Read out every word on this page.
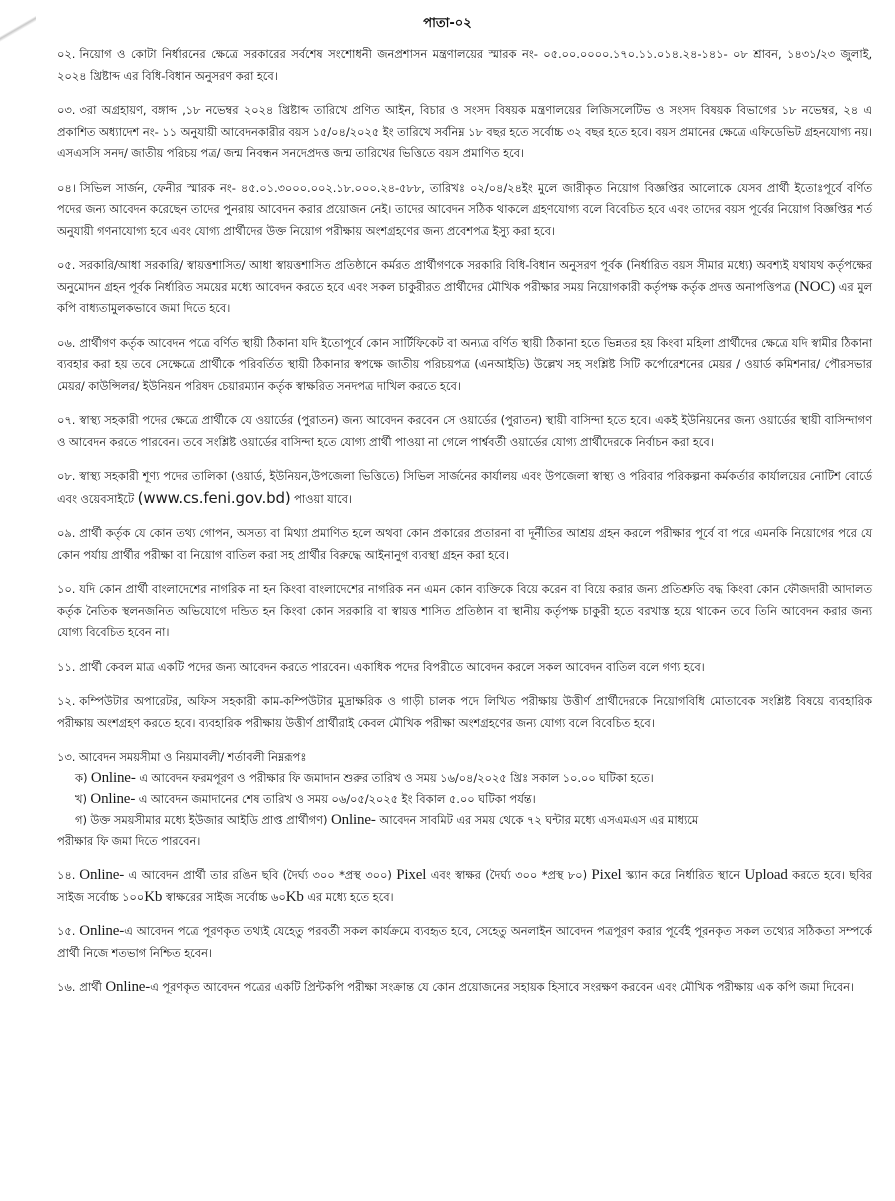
পাতা-০২

০২. নিয়োগ ও কোটা নির্ধারনের ক্ষেত্রে সরকারের সর্বশেষ সংশোধনী জনপ্রশাসন মন্ত্রণালয়ের স্মারক নং- ০৫.০০.০০০০.১৭০.১১.০১৪.২৪-১৪১- ০৮ শ্রাবন, ১৪৩১/২৩ জুলাই, ২০২৪ খ্রিষ্টাব্দ এর বিধি-বিধান অনুসরণ করা হবে।

০৩. ৩রা অগ্রহায়ণ, বঙ্গাব্দ ,১৮ নভেম্বর ২০২৪ খ্রিষ্টাব্দ তারিখে প্রণিত আইন, বিচার ও সংসদ বিষয়ক মন্ত্রণালয়ের লিজিসলেটিভ ও সংসদ বিষয়ক বিভাগের ১৮ নভেম্বর, ২৪ এ প্রকাশিত অধ্যাদেশ নং- ১১ অনুযায়ী আবেদনকারীর বয়স ১৫/০৪/২০২৫ ইং তারিখে সর্বনিম্ন ১৮ বছর হতে সর্বোচ্চ ৩২ বছর হতে হবে। বয়স প্রমানের ক্ষেত্রে এফিডেভিট গ্রহনযোগ্য নয়। এসএসসি সনদ/ জাতীয় পরিচয় পত্র/ জন্ম নিবন্ধন সনদেপ্রদত্ত জন্ম তারিখের ভিত্তিতে বয়স প্রমাণিত হবে।

০৪। সিভিল সার্জন, ফেনীর স্মারক নং- ৪৫.০১.৩০০০.০০২.১৮.০০০.২৪-৫৮৮, তারিখঃ ০২/০৪/২৪ইং মুলে জারীকৃত নিয়োগ বিজ্ঞপ্তির আলোকে যেসব প্রার্থী ইতোঃপূর্বে বর্ণিত পদের জন্য আবেদন করেছেন তাদের পুনরায় আবেদন করার প্রয়োজন নেই। তাদের আবেদন সঠিক থাকলে গ্রহণযোগ্য বলে বিবেচিত হবে এবং তাদের বয়স পূর্বের নিয়োগ বিজ্ঞপ্তির শর্ত অনুযায়ী গণনাযোগ্য হবে এবং যোগ্য প্রার্থীদের উক্ত নিয়োগ পরীক্ষায় অংশগ্রহণের জন্য প্রবেশপত্র ইস্যু করা হবে।

০৫. সরকারি/আধা সরকারি/ স্বায়ত্তশাসিত/ আধা স্বায়ত্তশাসিত প্রতিষ্ঠানে কর্মরত প্রার্থীগণকে সরকারি বিধি-বিধান অনুসরণ পূর্বক (নির্ধারিত বয়স সীমার মধ্যে) অবশ্যই যথাযথ কর্তৃপক্ষের অনুমোদন গ্রহন পূর্বক নির্ধারিত সময়ের মধ্যে আবেদন করতে হবে এবং সকল চাকুরীরত প্রার্থীদের মৌখিক পরীক্ষার সময় নিয়োগকারী কর্তৃপক্ষ কর্তৃক প্রদত্ত অনাপত্তিপত্র (NOC) এর মুল কপি বাধ্যতামুলকভাবে জমা দিতে হবে।

০৬. প্রার্থীগণ কর্তৃক আবেদন পত্রে বর্ণিত স্থায়ী ঠিকানা যদি ইতোপূর্বে কোন সার্টিফিকেট বা অন্যত্র বর্ণিত স্থায়ী ঠিকানা হতে ভিন্নতর হয় কিংবা মহিলা প্রার্থীদের ক্ষেত্রে যদি স্বামীর ঠিকানা ব্যবহার করা হয় তবে সেক্ষেত্রে প্রার্থীকে পরিবর্তিত স্থায়ী ঠিকানার স্বপক্ষে জাতীয় পরিচয়পত্র (এনআইডি) উল্লেখ সহ সংশ্লিষ্ট সিটি কর্পোরেশনের মেয়র / ওয়ার্ড কমিশনার/ পৌরসভার মেয়র/ কাউন্সিলর/ ইউনিয়ন পরিষদ চেয়ারম্যান কর্তৃক স্বাক্ষরিত সনদপত্র দাখিল করতে হবে।

০৭. স্বাস্থ্য সহকারী পদের ক্ষেত্রে প্রার্থীকে যে ওয়ার্ডের (পুরাতন) জন্য আবেদন করবেন সে ওয়ার্ডের (পুরাতন) স্থায়ী বাসিন্দা হতে হবে। একই ইউনিয়নের জন্য ওয়ার্ডের স্থায়ী বাসিন্দাগণ ও আবেদন করতে পারবেন। তবে সংশ্লিষ্ট ওয়ার্ডের বাসিন্দা হতে যোগ্য প্রার্থী পাওয়া না গেলে পার্শ্ববর্তী ওয়ার্ডের যোগ্য প্রার্থীদেরকে নির্বাচন করা হবে।

০৮. স্বাস্থ্য সহকারী শূণ্য পদের তালিকা (ওয়ার্ড, ইউনিয়ন,উপজেলা ভিত্তিতে) সিভিল সার্জনের কার্যালয় এবং উপজেলা স্বাস্থ্য ও পরিবার পরিকল্পনা কর্মকর্তার কার্যালয়ের নোটিশ বোর্ডে এবং ওয়েবসাইটে (www.cs.feni.gov.bd) পাওয়া যাবে।

০৯. প্রার্থী কর্তৃক যে কোন তথ্য গোপন, অসত্য বা মিথ্যা প্রমাণিত হলে অথবা কোন প্রকারের প্রতারনা বা দূর্নীতির আশ্রয় গ্রহন করলে পরীক্ষার পূর্বে বা পরে এমনকি নিয়োগের পরে যে কোন পর্যায় প্রার্থীর পরীক্ষা বা নিয়োগ বাতিল করা সহ প্রার্থীর বিরুদ্ধে আইনানুগ ব্যবস্থা গ্রহন করা হবে।

১০. যদি কোন প্রার্থী বাংলাদেশের নাগরিক না হন কিংবা বাংলাদেশের নাগরিক নন এমন কোন ব্যক্তিকে বিয়ে করেন বা বিয়ে করার জন্য প্রতিশ্রুতি বদ্ধ কিংবা কোন ফৌজদারী আদালত কর্তৃক নৈতিক স্থলনজনিত অভিযোগে দন্ডিত হন কিংবা কোন সরকারি বা স্বায়ত্ত শাসিত প্রতিষ্ঠান বা স্থানীয় কর্তৃপক্ষ চাকুরী হতে বরখাস্ত হয়ে থাকেন তবে তিনি আবেদন করার জন্য যোগ্য বিবেচিত হবেন না।

১১. প্রার্থী কেবল মাত্র একটি পদের জন্য আবেদন করতে পারবেন। একাধিক পদের বিপরীতে আবেদন করলে সকল আবেদন বাতিল বলে গণ্য হবে।

১২. কম্পিউটার অপারেটর, অফিস সহকারী কাম-কম্পিউটার মুদ্রাক্ষরিক ও গাড়ী চালক পদে লিখিত পরীক্ষায় উত্তীর্ণ প্রার্থীদেরকে নিয়োগবিধি মোতাবেক সংশ্লিষ্ট বিষয়ে ব্যবহারিক পরীক্ষায় অংশগ্রহণ করতে হবে। ব্যবহারিক পরীক্ষায় উত্তীর্ণ প্রার্থীরাই কেবল মৌখিক পরীক্ষা অংশগ্রহণের জন্য যোগ্য বলে বিবেচিত হবে।

১৩. আবেদন সময়সীমা ও নিয়মাবলী/ শর্তাবলী নিম্নরূপঃ

ক) Online- এ আবেদন ফরমপূরণ ও পরীক্ষার ফি জমাদান শুরুর তারিখ ও সময় ১৬/০৪/২০২৫ খ্রিঃ সকাল ১০.০০ ঘটিকা হতে।

খ) Online- এ আবেদন জমাদানের শেষ তারিখ ও সময় ০৬/০৫/২০২৫ ইং বিকাল ৫.০০ ঘটিকা পর্যন্ত।

গ) উক্ত সময়সীমার মধ্যে ইউজার আইডি প্রাপ্ত প্রার্থীগণ) Online- আবেদন সাবমিট এর সময় থেকে ৭২ ঘন্টার মধ্যে এসএমএস এর মাধ্যমে

পরীক্ষার ফি জমা দিতে পারবেন।

১৪. Online- এ আবেদন প্রার্থী তার রঙিন ছবি (দৈর্ঘ্য ৩০০ *প্রস্থ ৩০০) Pixel এবং স্বাক্ষর (দৈর্ঘ্য ৩০০ *প্রস্থ ৮০) Pixel স্ক্যান করে নির্ধারিত স্থানে Upload করতে হবে। ছবির সাইজ সর্বোচ্চ ১০০Kb স্বাক্ষরের সাইজ সর্বোচ্চ ৬০Kb এর মধ্যে হতে হবে।

১৫. Online-এ আবেদন পত্রে পূরণকৃত তথ্যই যেহেতু পরবর্তী সকল কার্যক্রমে ব্যবহৃত হবে, সেহেতু অনলাইন আবেদন পত্রপূরণ করার পূর্বেই পূরনকৃত সকল তথ্যের সঠিকতা সম্পর্কে প্রার্থী নিজে শতভাগ নিশ্চিত হবেন।

১৬. প্রার্থী Online-এ পূরণকৃত আবেদন পত্রের একটি প্রিন্টকপি পরীক্ষা সংক্রান্ত যে কোন প্রয়োজনের সহায়ক হিসাবে সংরক্ষণ করবেন এবং মৌখিক পরীক্ষায় এক কপি জমা দিবেন।
